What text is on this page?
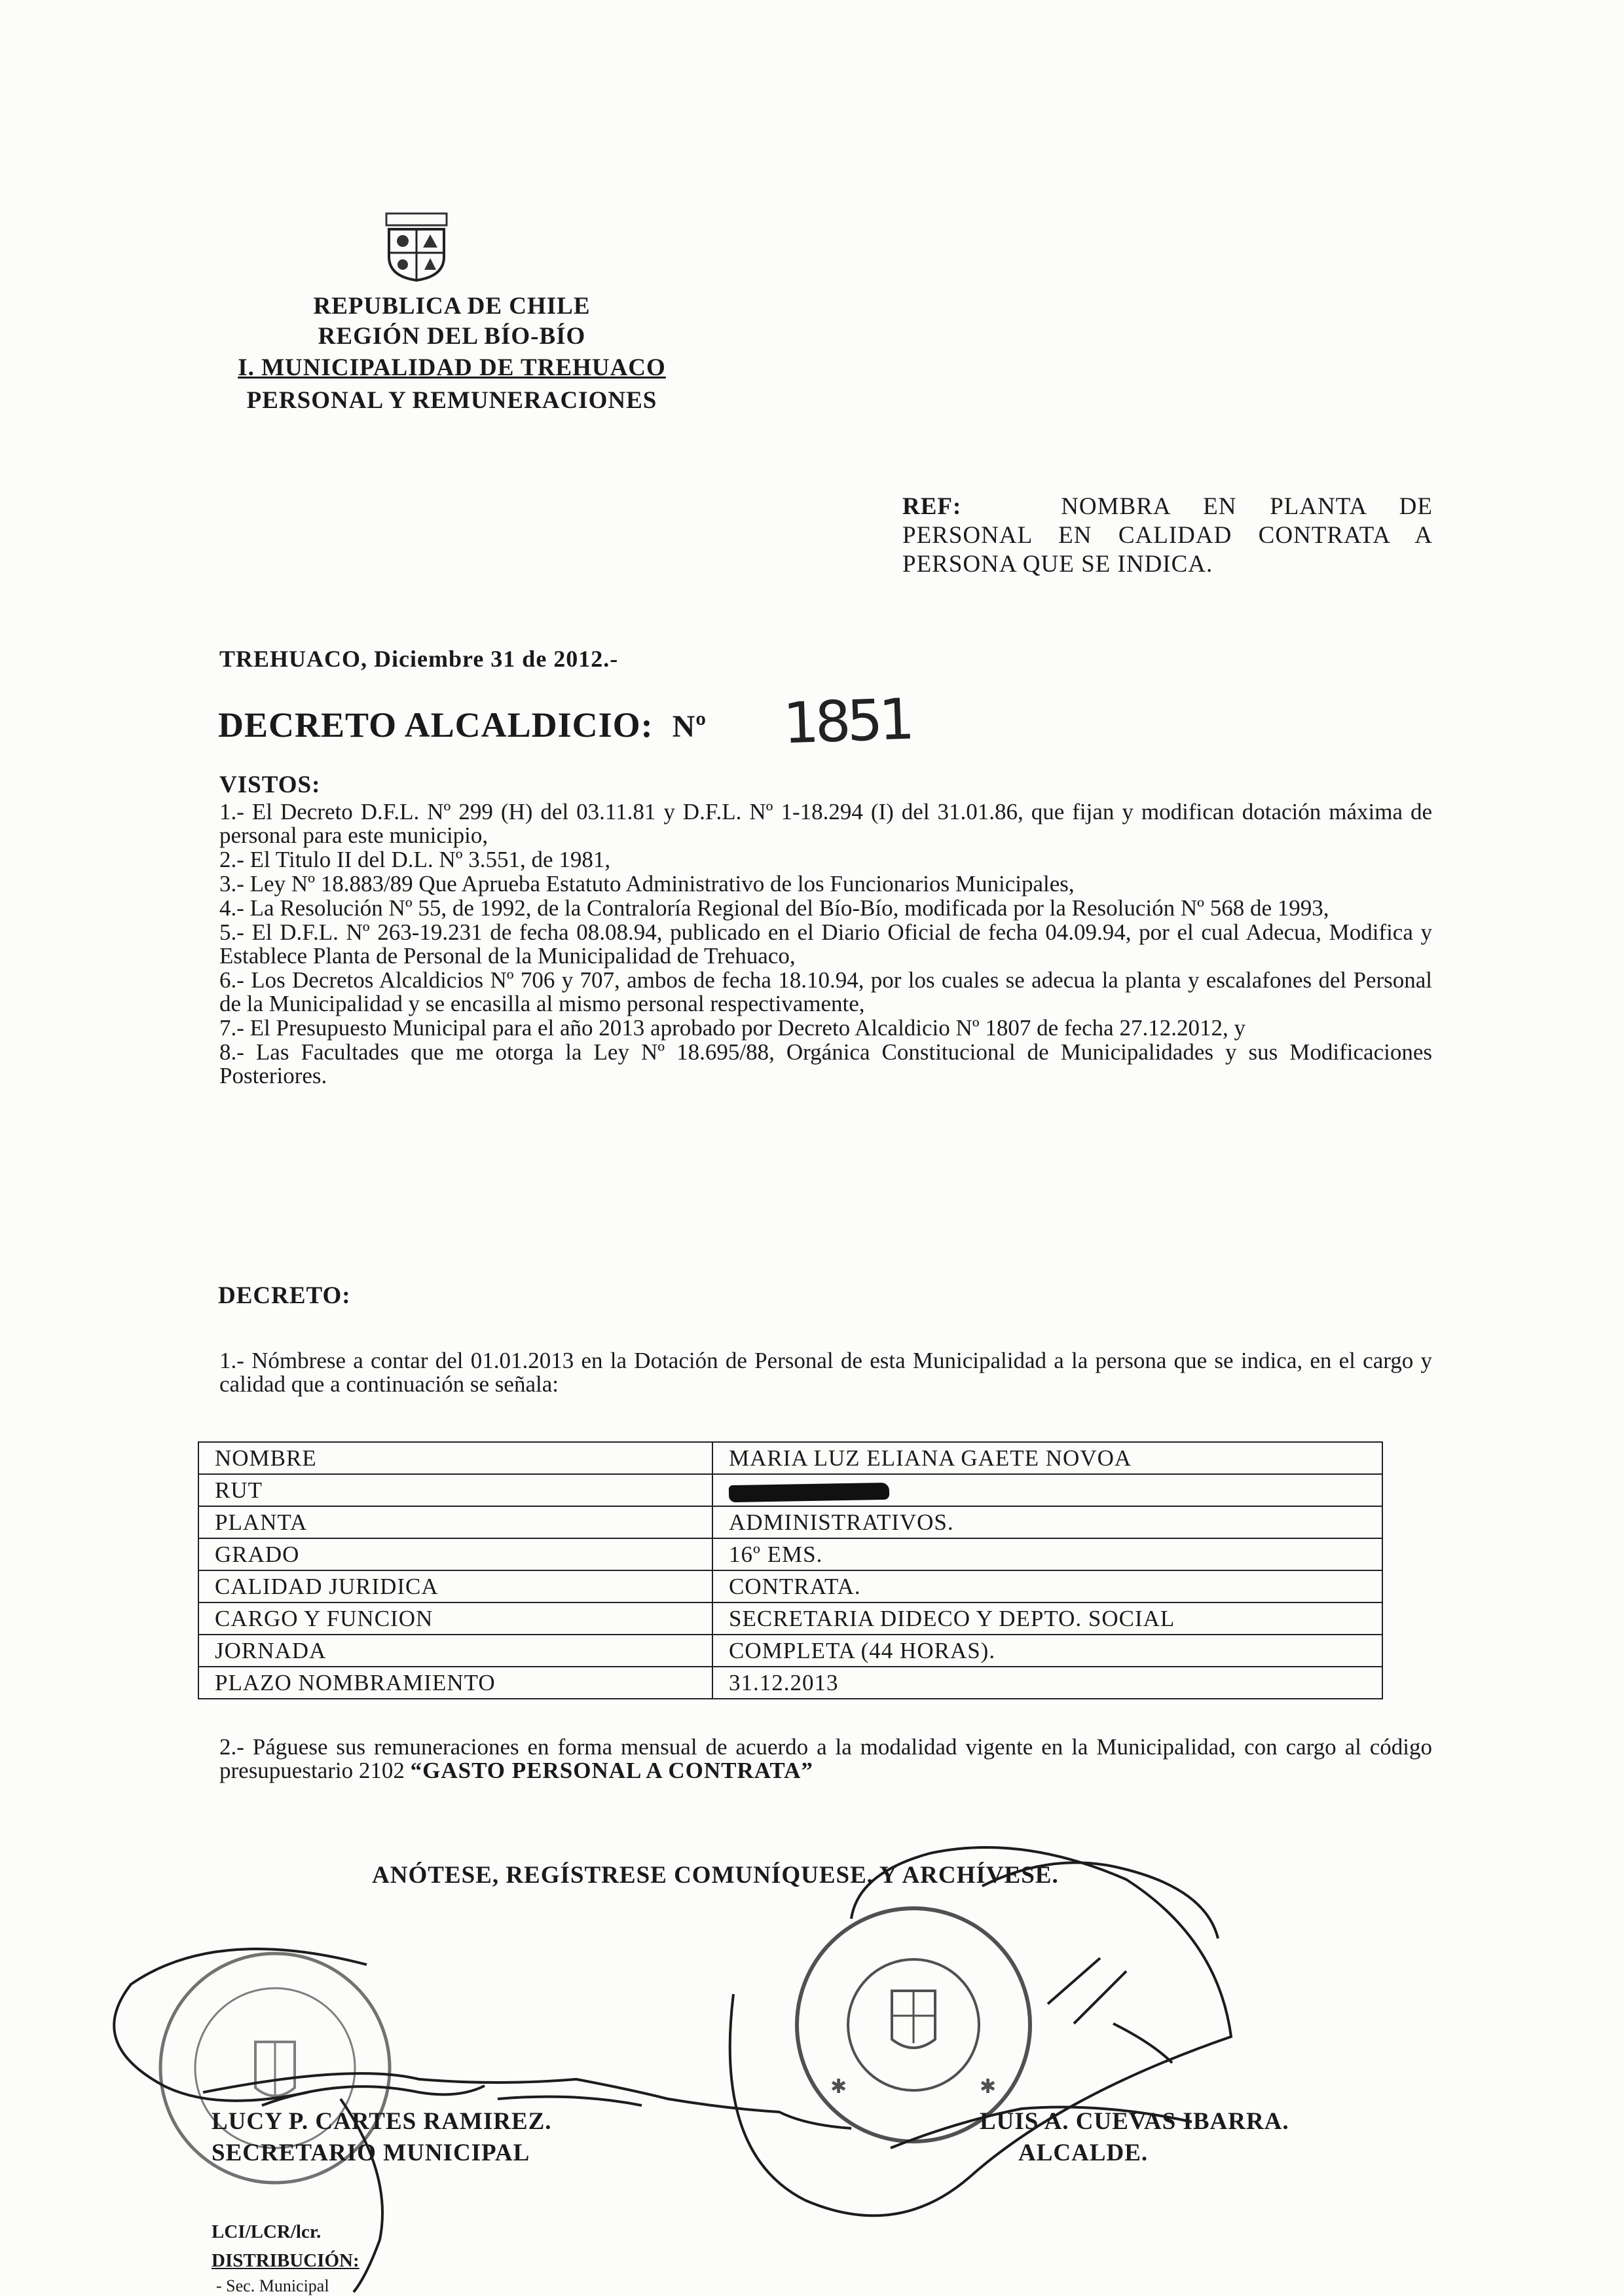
REPUBLICA DE CHILE
REGIÓN DEL BÍO-BÍO
I. MUNICIPALIDAD DE TREHUACO
PERSONAL Y REMUNERACIONES
REF:	NOMBRA EN PLANTA DE
PERSONAL EN CALIDAD CONTRATA A
PERSONA QUE SE INDICA.
TREHUACO, Diciembre 31 de 2012.-
DECRETO ALCALDICIO: Nº 1851
VISTOS:

1.- El Decreto D.F.L. Nº 299 (H) del 03.11.81 y D.F.L. Nº 1-18.294 (I) del 31.01.86, que fijan y modifican dotación máxima de personal para este municipio,

2.- El Titulo II del D.L. Nº 3.551, de 1981,

3.- Ley Nº 18.883/89 Que Aprueba Estatuto Administrativo de los Funcionarios Municipales,

4.- La Resolución Nº 55, de 1992, de la Contraloría Regional del Bío-Bío, modificada por la Resolución Nº 568 de 1993,

5.- El D.F.L. Nº 263-19.231 de fecha 08.08.94, publicado en el Diario Oficial de fecha 04.09.94, por el cual Adecua, Modifica y Establece Planta de Personal de la Municipalidad de Trehuaco,

6.- Los Decretos Alcaldicios Nº 706 y 707, ambos de fecha 18.10.94, por los cuales se adecua la planta y escalafones del Personal de la Municipalidad y se encasilla al mismo personal respectivamente,

7.- El Presupuesto Municipal para el año 2013 aprobado por Decreto Alcaldicio Nº 1807 de fecha 27.12.2012, y

8.- Las Facultades que me otorga la Ley Nº 18.695/88, Orgánica Constitucional de Municipalidades y sus Modificaciones Posteriores.

DECRETO:

1.- Nómbrese a contar del 01.01.2013 en la Dotación de Personal de esta Municipalidad a la persona que se indica, en el cargo y calidad que a continuación se señala:

NOMBRE	MARIA LUZ ELIANA GAETE NOVOA
RUT	
PLANTA	ADMINISTRATIVOS.
GRADO	16º EMS.
CALIDAD JURIDICA	CONTRATA.
CARGO Y FUNCION	SECRETARIA DIDECO Y DEPTO. SOCIAL
JORNADA	COMPLETA (44 HORAS).
PLAZO NOMBRAMIENTO	31.12.2013

2.- Páguese sus remuneraciones en forma mensual de acuerdo a la modalidad vigente en la Municipalidad, con cargo al código presupuestario 2102 “GASTO PERSONAL A CONTRATA”

ANÓTESE, REGÍSTRESE COMUNÍQUESE, Y ARCHÍVESE.
✱	✱
LUCY P. CARTES RAMIREZ.
SECRETARIO MUNICIPAL
LUIS A. CUEVAS IBARRA.
ALCALDE.
LCI/LCR/lcr.
DISTRIBUCIÓN:
- Sec. Municipal
